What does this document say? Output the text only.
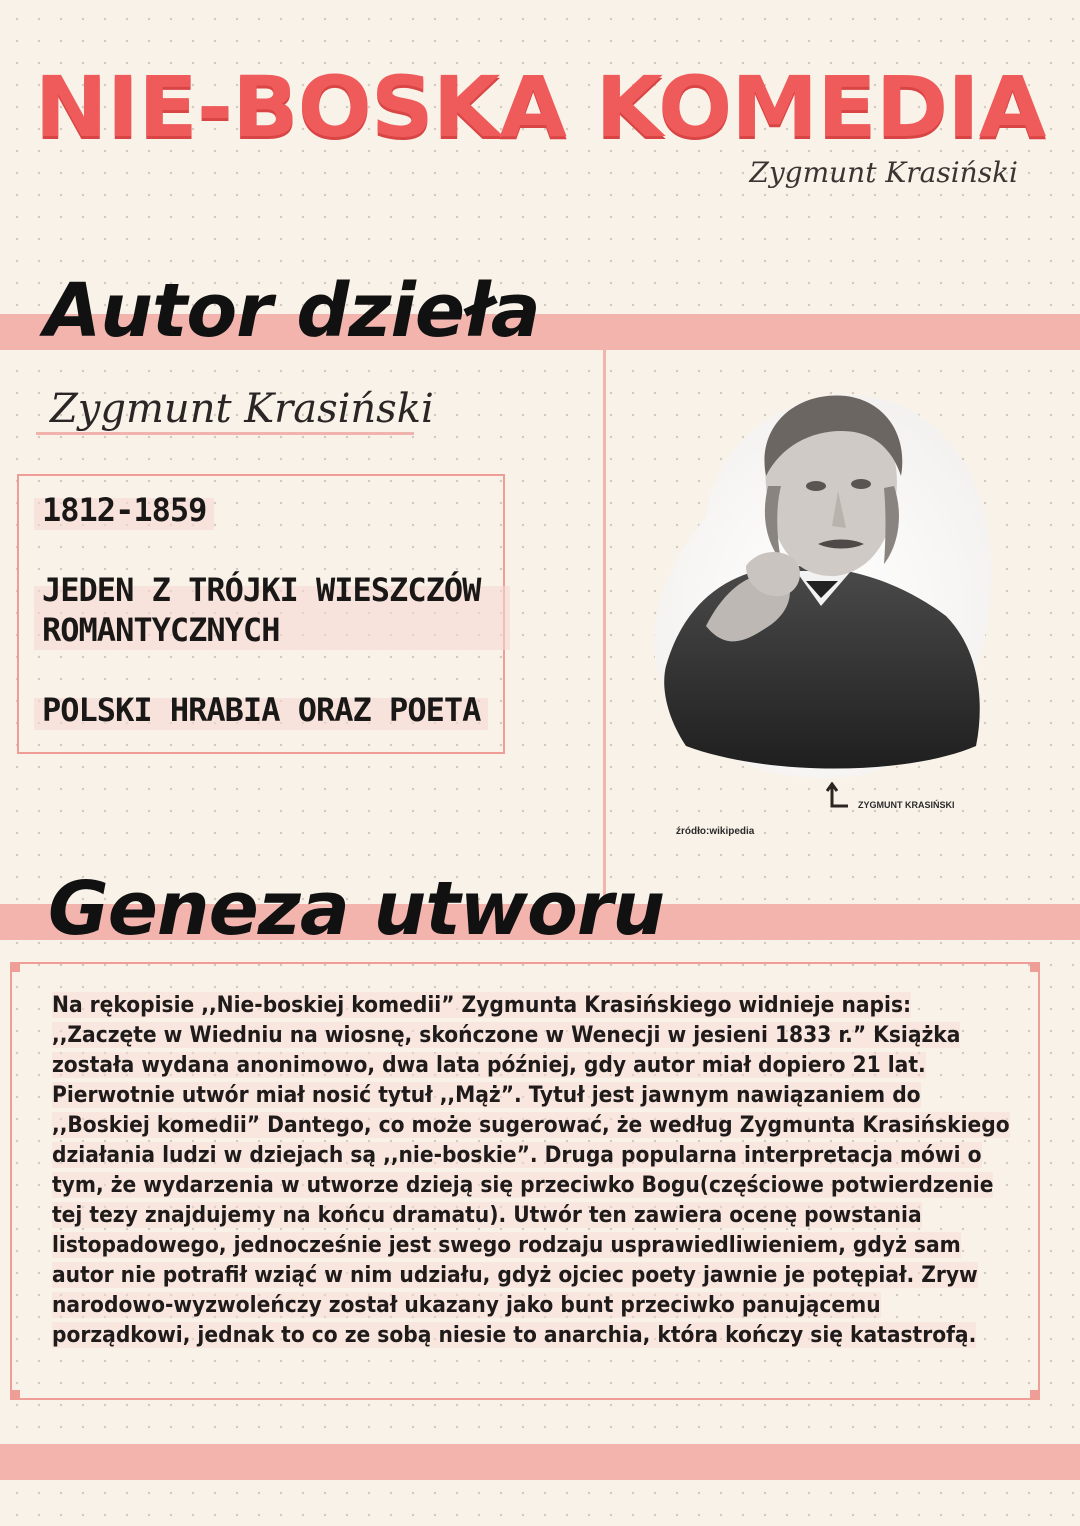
NIE-BOSKA KOMEDIA
Zygmunt Krasiński
Autor dzieła
Zygmunt Krasiński
1812-1859
JEDEN Z TRÓJKI WIESZCZÓW ROMANTYCZNYCH
POLSKI HRABIA ORAZ POETA
ZYGMUNT KRASIŃSKI
źródło:wikipedia
Geneza utworu
Na rękopisie ,,Nie-boskiej komedii” Zygmunta Krasińskiego widnieje napis: ,,Zaczęte w Wiedniu na wiosnę, skończone w Wenecji w jesieni 1833 r.” Książka została wydana anonimowo, dwa lata później, gdy autor miał dopiero 21 lat. Pierwotnie utwór miał nosić tytuł ,,Mąż”. Tytuł jest jawnym nawiązaniem do ,,Boskiej komedii” Dantego, co może sugerować, że według Zygmunta Krasińskiego działania ludzi w dziejach są ,,nie-boskie”. Druga popularna interpretacja mówi o tym, że wydarzenia w utworze dzieją się przeciwko Bogu(częściowe potwierdzenie tej tezy znajdujemy na końcu dramatu). Utwór ten zawiera ocenę powstania listopadowego, jednocześnie jest swego rodzaju usprawiedliwieniem, gdyż sam autor nie potrafił wziąć w nim udziału, gdyż ojciec poety jawnie je potępiał. Zryw narodowo-wyzwoleńczy został ukazany jako bunt przeciwko panującemu porządkowi, jednak to co ze sobą niesie to anarchia, która kończy się katastrofą.
